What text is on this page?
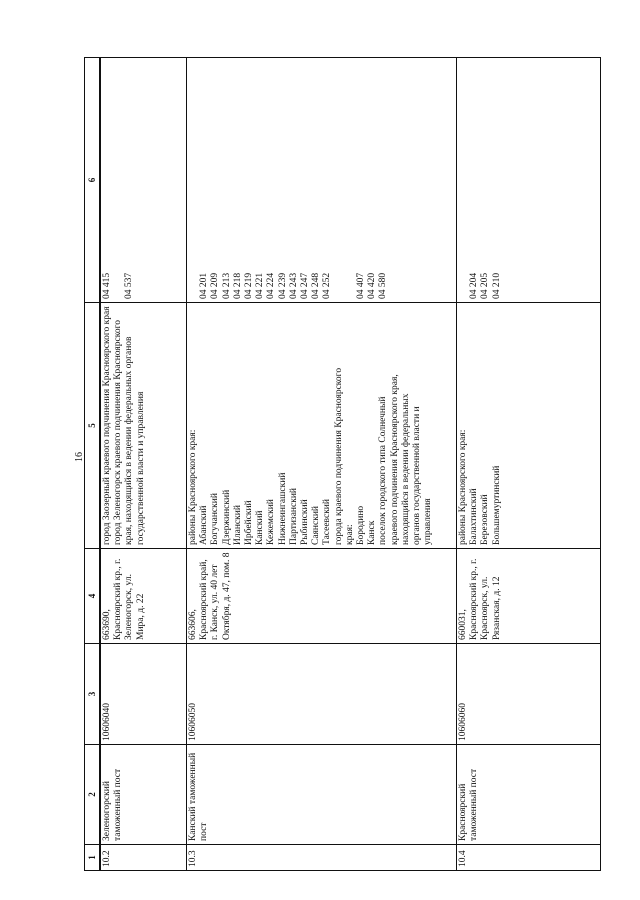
16
1
2
3
4
5
6
10.2
Зеленогорский таможенный пост
10606040
663690, Красноярский кр., г. Зеленогорск, ул. Мира, д. 22
город Заозерный краевого подчинения Красноярского края город Зеленогорск краевого подчинения Красноярского края, находящийся в ведении федеральных органов государственной власти и управления
04 415 04 537
10.3
Канский таможенный пост
10606050
663606, Красноярский край, г. Канск, ул. 40 лет Октября, д. 47, пом. 8
районы Красноярского края: Абанский Богучанский Дзержинский Иланский Ирбейский Канский Кежемский Нижнеингашский Партизанский Рыбинский Саянский Тасеевский города краевого подчинения Красноярского края: Бородино Канск поселок городского типа Солнечный краевого подчинения Красноярского края, находящийся в ведении федеральных органов государственной власти и управления
04 201 04 209 04 213 04 218 04 219 04 221 04 224 04 239 04 243 04 247 04 248 04 252 04 407 04 420 04 580
10.4
Красноярский таможенный пост
10606060
660031, Красноярский кр., г. Красноярск, ул. Рязанская, д. 12
районы Красноярского края: Балахтинский Березовский Большемуртинский
04 204 04 205 04 210
